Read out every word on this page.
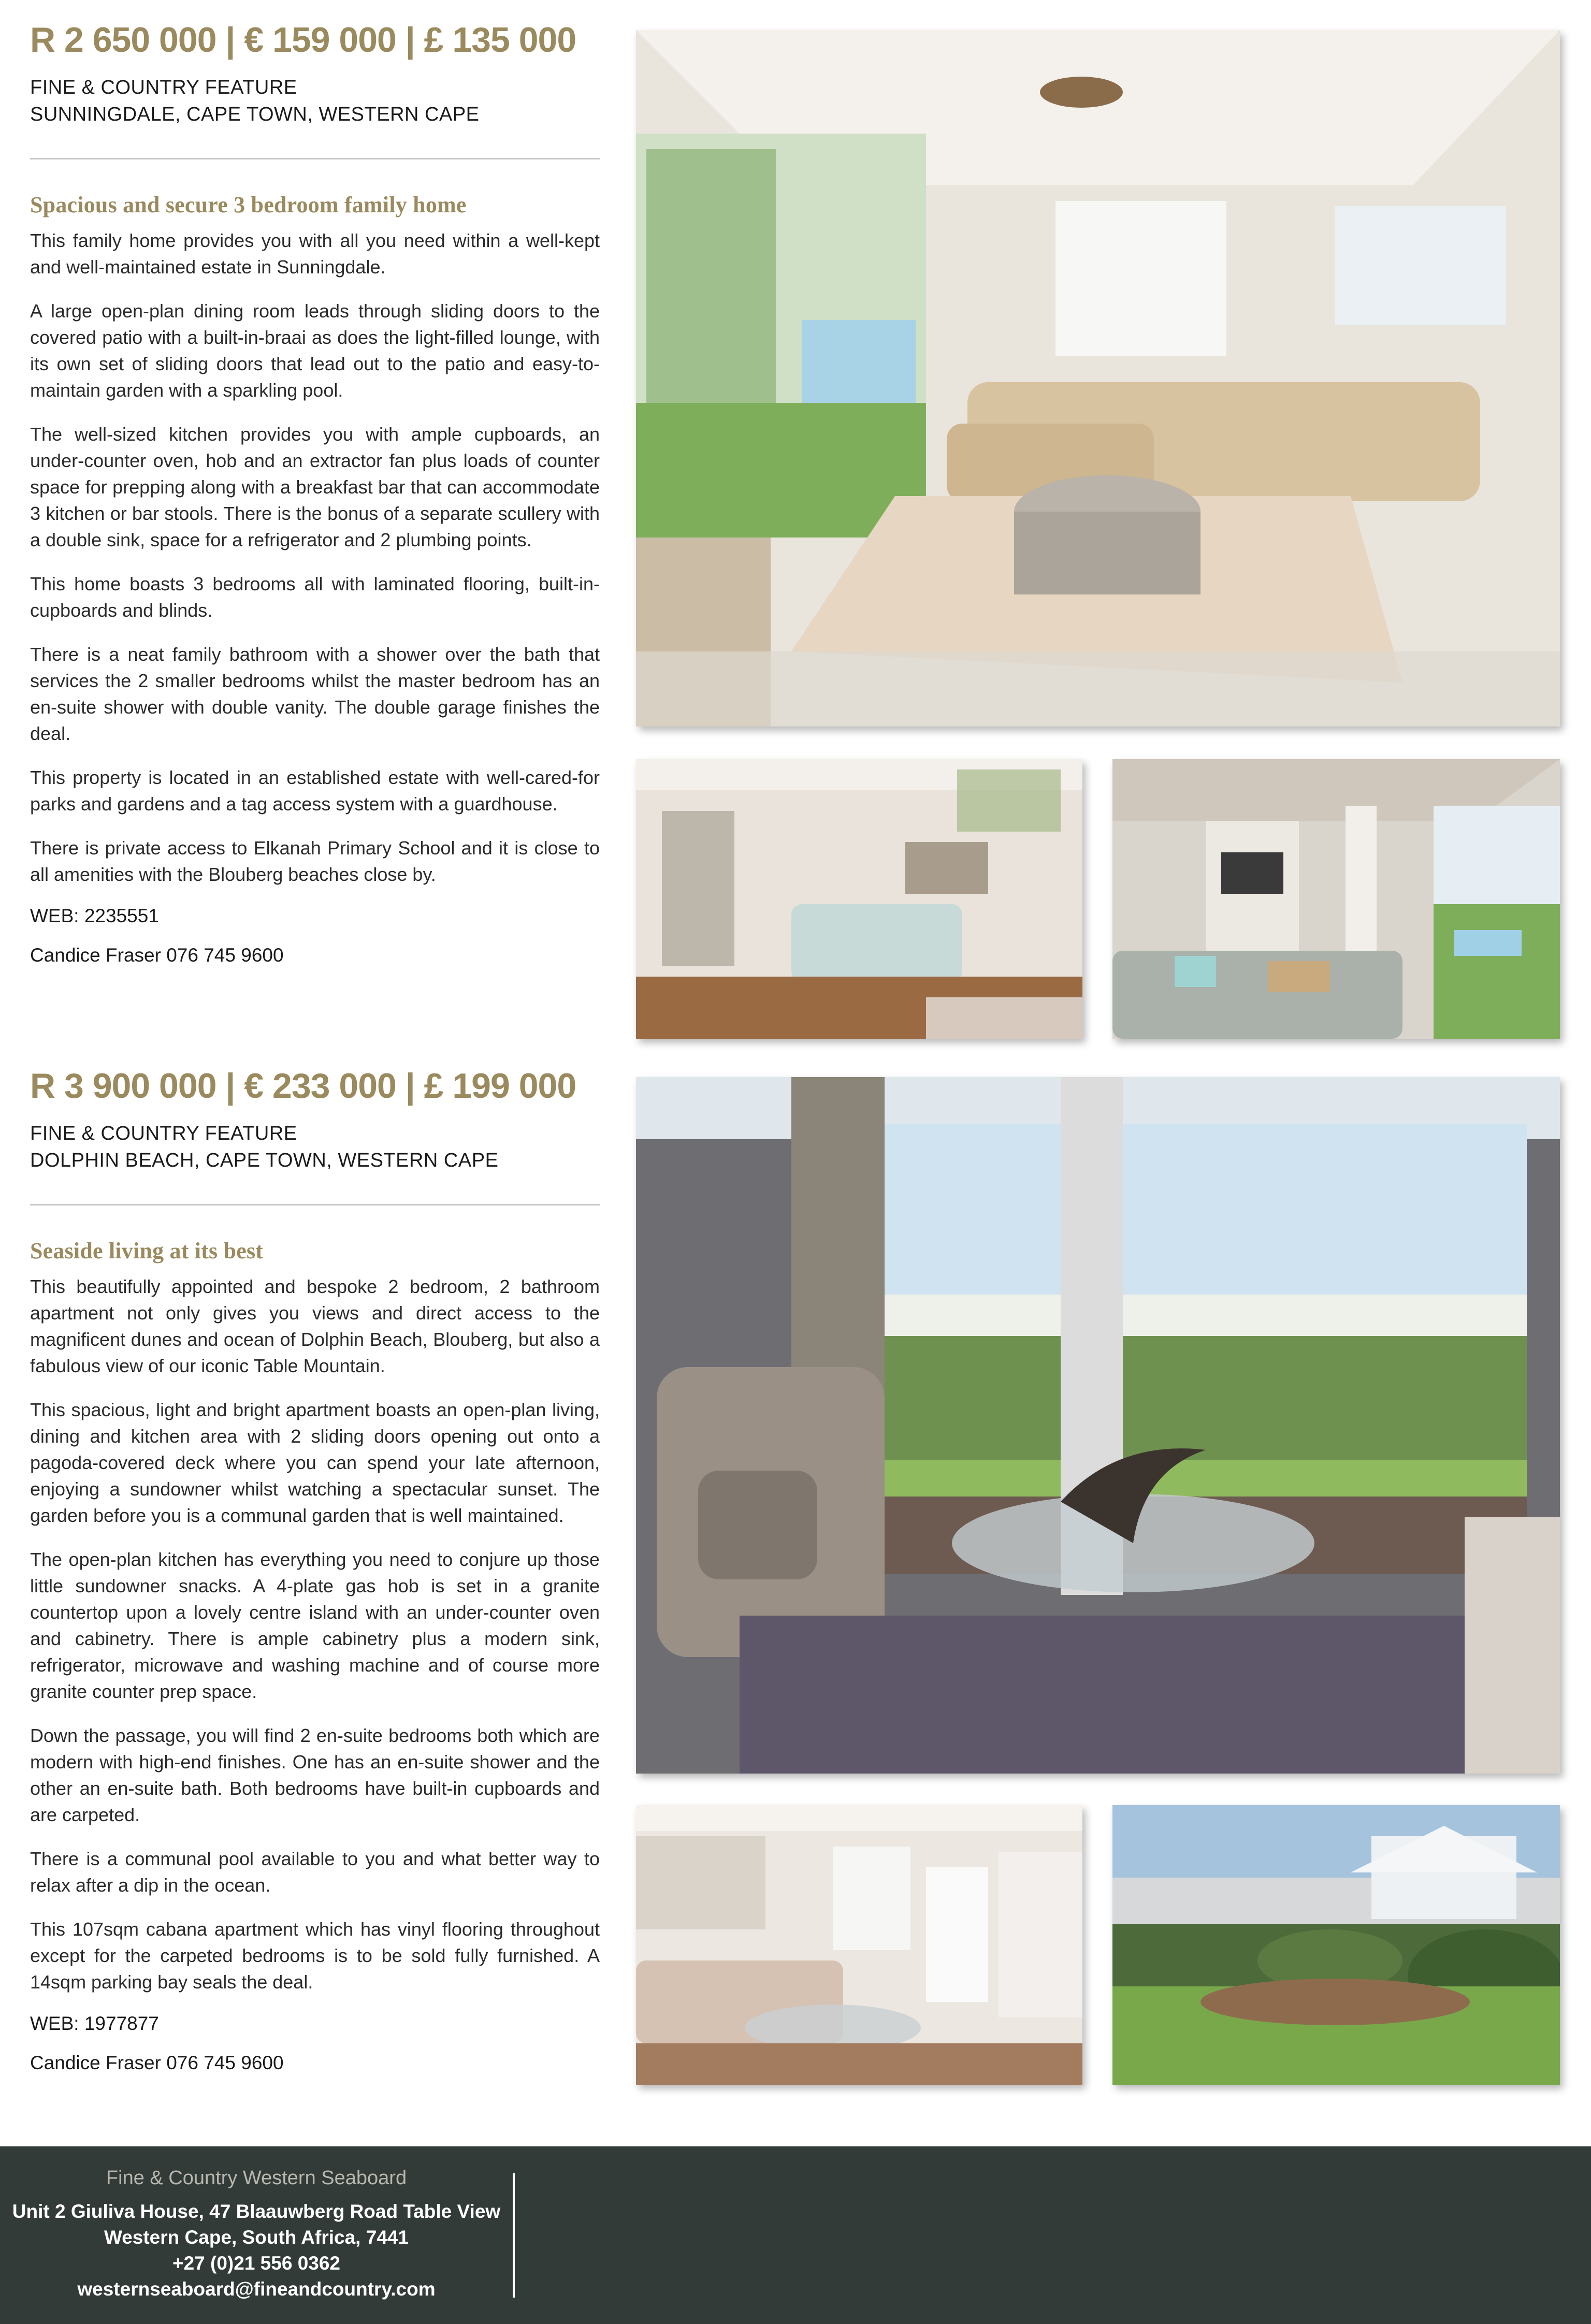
R 2 650 000 | € 159 000 | £ 135 000
FINE & COUNTRY FEATURE
SUNNINGDALE, CAPE TOWN, WESTERN CAPE
Spacious and secure 3 bedroom family home

This family home provides you with all you need within a well-kept and well-maintained estate in Sunningdale.

A large open-plan dining room leads through sliding doors to the covered patio with a built-in-braai as does the light-filled lounge, with its own set of sliding doors that lead out to the patio and easy-to-maintain garden with a sparkling pool.

The well-sized kitchen provides you with ample cupboards, an under-counter oven, hob and an extractor fan plus loads of counter space for prepping along with a breakfast bar that can accommodate 3 kitchen or bar stools. There is the bonus of a separate scullery with a double sink, space for a refrigerator and 2 plumbing points.

This home boasts 3 bedrooms all with laminated flooring, built-in-cupboards and blinds.

There is a neat family bathroom with a shower over the bath that services the 2 smaller bedrooms whilst the master bedroom has an en-suite shower with double vanity. The double garage finishes the deal.

This property is located in an established estate with well-cared-for parks and gardens and a tag access system with a guardhouse.

There is private access to Elkanah Primary School and it is close to all amenities with the Blouberg beaches close by.

WEB: 2235551
Candice Fraser 076 745 9600
R 3 900 000 | € 233 000 | £ 199 000
FINE & COUNTRY FEATURE
DOLPHIN BEACH, CAPE TOWN, WESTERN CAPE
Seaside living at its best

This beautifully appointed and bespoke 2 bedroom, 2 bathroom apartment not only gives you views and direct access to the magnificent dunes and ocean of Dolphin Beach, Blouberg, but also a fabulous view of our iconic Table Mountain.

This spacious, light and bright apartment boasts an open-plan living, dining and kitchen area with 2 sliding doors opening out onto a pagoda-covered deck where you can spend your late afternoon, enjoying a sundowner whilst watching a spectacular sunset. The garden before you is a communal garden that is well maintained.

The open-plan kitchen has everything you need to conjure up those little sundowner snacks. A 4-plate gas hob is set in a granite countertop upon a lovely centre island with an under-counter oven and cabinetry. There is ample cabinetry plus a modern sink, refrigerator, microwave and washing machine and of course more granite counter prep space.

Down the passage, you will find 2 en-suite bedrooms both which are modern with high-end finishes. One has an en-suite shower and the other an en-suite bath. Both bedrooms have built-in cupboards and are carpeted.

There is a communal pool available to you and what better way to relax after a dip in the ocean.

This 107sqm cabana apartment which has vinyl flooring throughout except for the carpeted bedrooms is to be sold fully furnished. A 14sqm parking bay seals the deal.

WEB: 1977877
Candice Fraser 076 745 9600
Fine & Country Western Seaboard
Unit 2 Giuliva House, 47 Blaauwberg Road Table View
Western Cape, South Africa, 7441
+27 (0)21 556 0362
westernseaboard@fineandcountry.com
